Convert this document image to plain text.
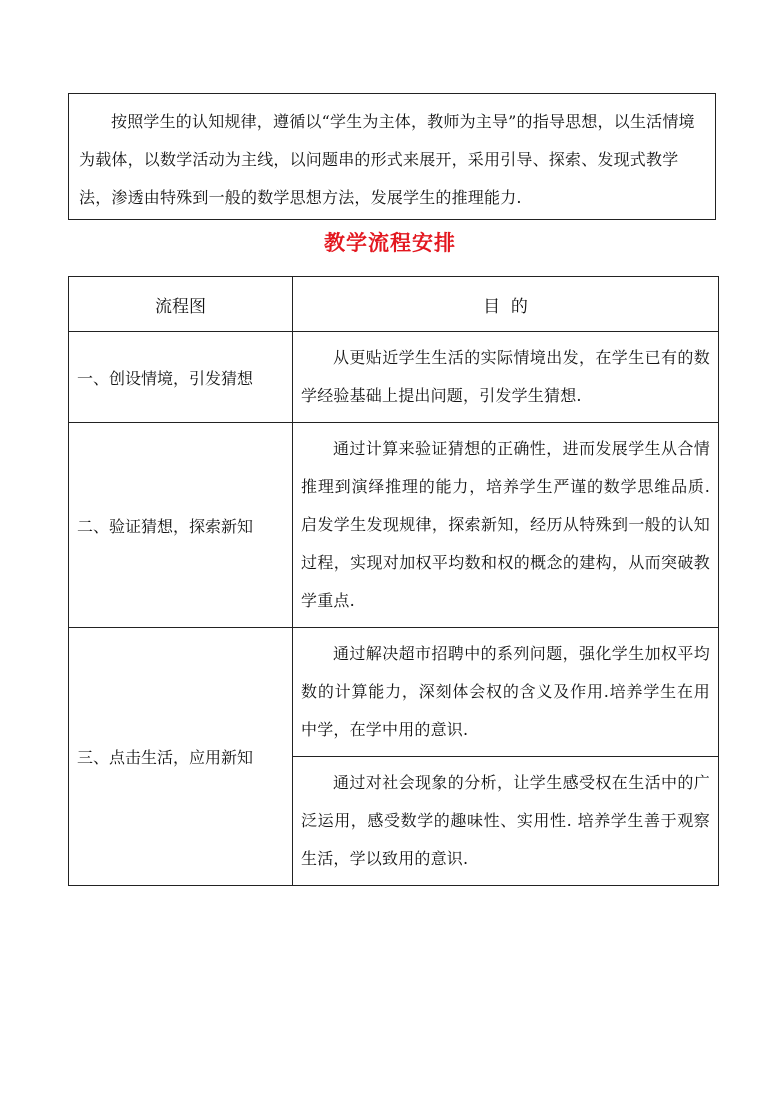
按照学生的认知规律，遵循以“学生为主体，教师为主导”的指导思想，以生活情境为载体，以数学活动为主线，以问题串的形式来展开，采用引导、探索、发现式教学法，渗透由特殊到一般的数学思想方法，发展学生的推理能力.
教学流程安排
流程图	目  的
一、创设情境，引发猜想	从更贴近学生生活的实际情境出发，在学生已有的数学经验基础上提出问题，引发学生猜想.
二、验证猜想，探索新知	通过计算来验证猜想的正确性，进而发展学生从合情推理到演绎推理的能力，培养学生严谨的数学思维品质.启发学生发现规律，探索新知，经历从特殊到一般的认知过程，实现对加权平均数和权的概念的建构，从而突破教学重点.
三、点击生活，应用新知	通过解决超市招聘中的系列问题，强化学生加权平均数的计算能力，深刻体会权的含义及作用.培养学生在用中学，在学中用的意识.
	通过对社会现象的分析，让学生感受权在生活中的广泛运用，感受数学的趣味性、实用性. 培养学生善于观察生活，学以致用的意识.
